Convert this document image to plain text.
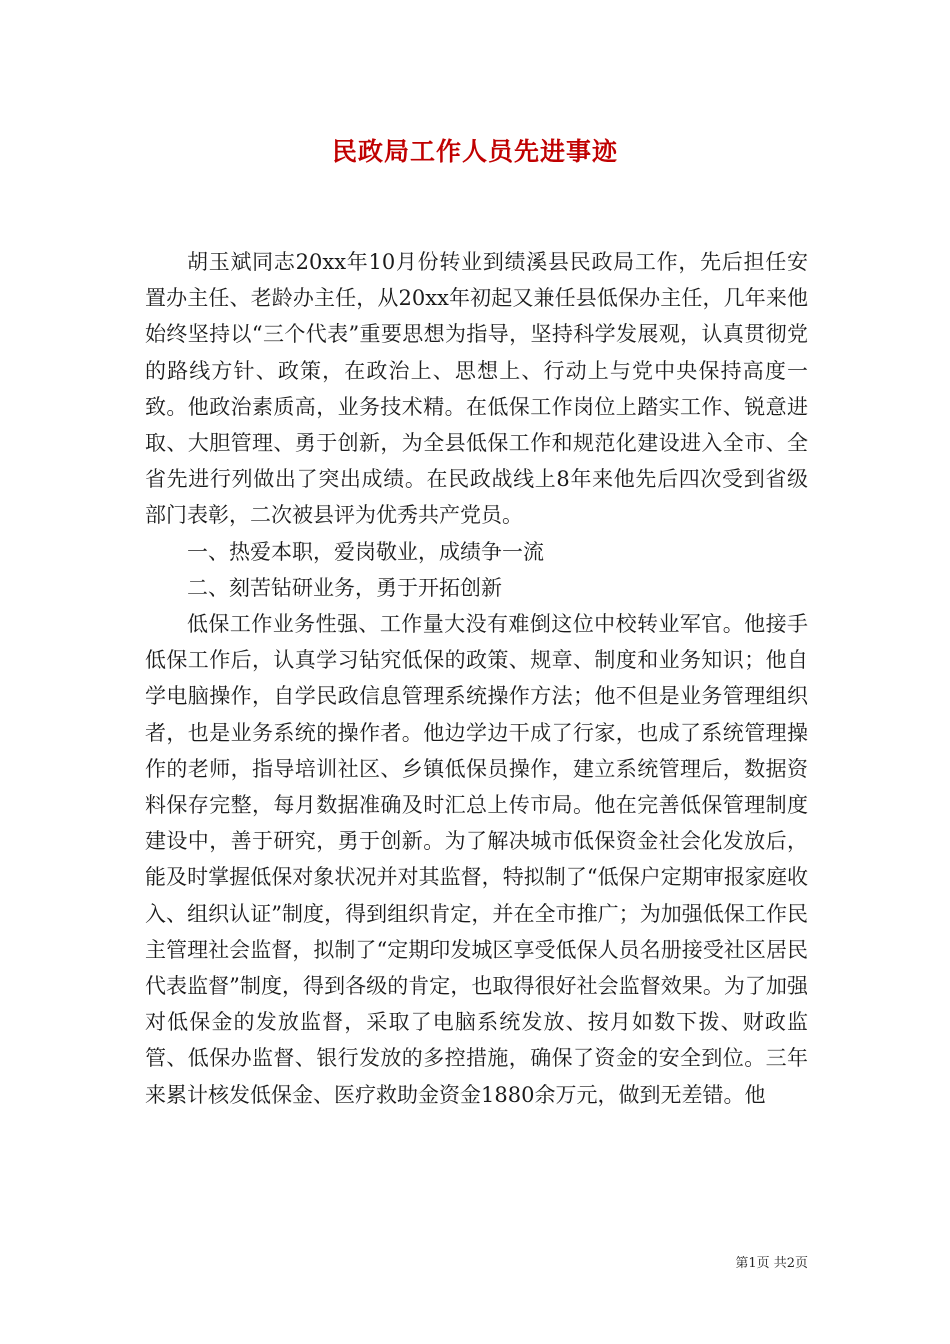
民政局工作人员先进事迹

胡玉斌同志20xx年10月份转业到绩溪县民政局工作，先后担任安置办主任、老龄办主任，从20xx年初起又兼任县低保办主任，几年来他始终坚持以“三个代表”重要思想为指导，坚持科学发展观，认真贯彻党的路线方针、政策，在政治上、思想上、行动上与党中央保持高度一致。他政治素质高，业务技术精。在低保工作岗位上踏实工作、锐意进取、大胆管理、勇于创新，为全县低保工作和规范化建设进入全市、全省先进行列做出了突出成绩。在民政战线上8年来他先后四次受到省级部门表彰，二次被县评为优秀共产党员。

一、热爱本职，爱岗敬业，成绩争一流

二、刻苦钻研业务，勇于开拓创新

低保工作业务性强、工作量大没有难倒这位中校转业军官。他接手低保工作后，认真学习钻究低保的政策、规章、制度和业务知识；他自学电脑操作，自学民政信息管理系统操作方法；他不但是业务管理组织者，也是业务系统的操作者。他边学边干成了行家，也成了系统管理操作的老师，指导培训社区、乡镇低保员操作，建立系统管理后，数据资料保存完整，每月数据准确及时汇总上传市局。他在完善低保管理制度建设中，善于研究，勇于创新。为了解决城市低保资金社会化发放后，能及时掌握低保对象状况并对其监督，特拟制了“低保户定期审报家庭收入、组织认证”制度，得到组织肯定，并在全市推广；为加强低保工作民主管理社会监督，拟制了“定期印发城区享受低保人员名册接受社区居民代表监督”制度，得到各级的肯定，也取得很好社会监督效果。为了加强对低保金的发放监督，采取了电脑系统发放、按月如数下拨、财政监管、低保办监督、银行发放的多控措施，确保了资金的安全到位。三年来累计核发低保金、医疗救助金资金1880余万元，做到无差错。他

第1页 共2页
